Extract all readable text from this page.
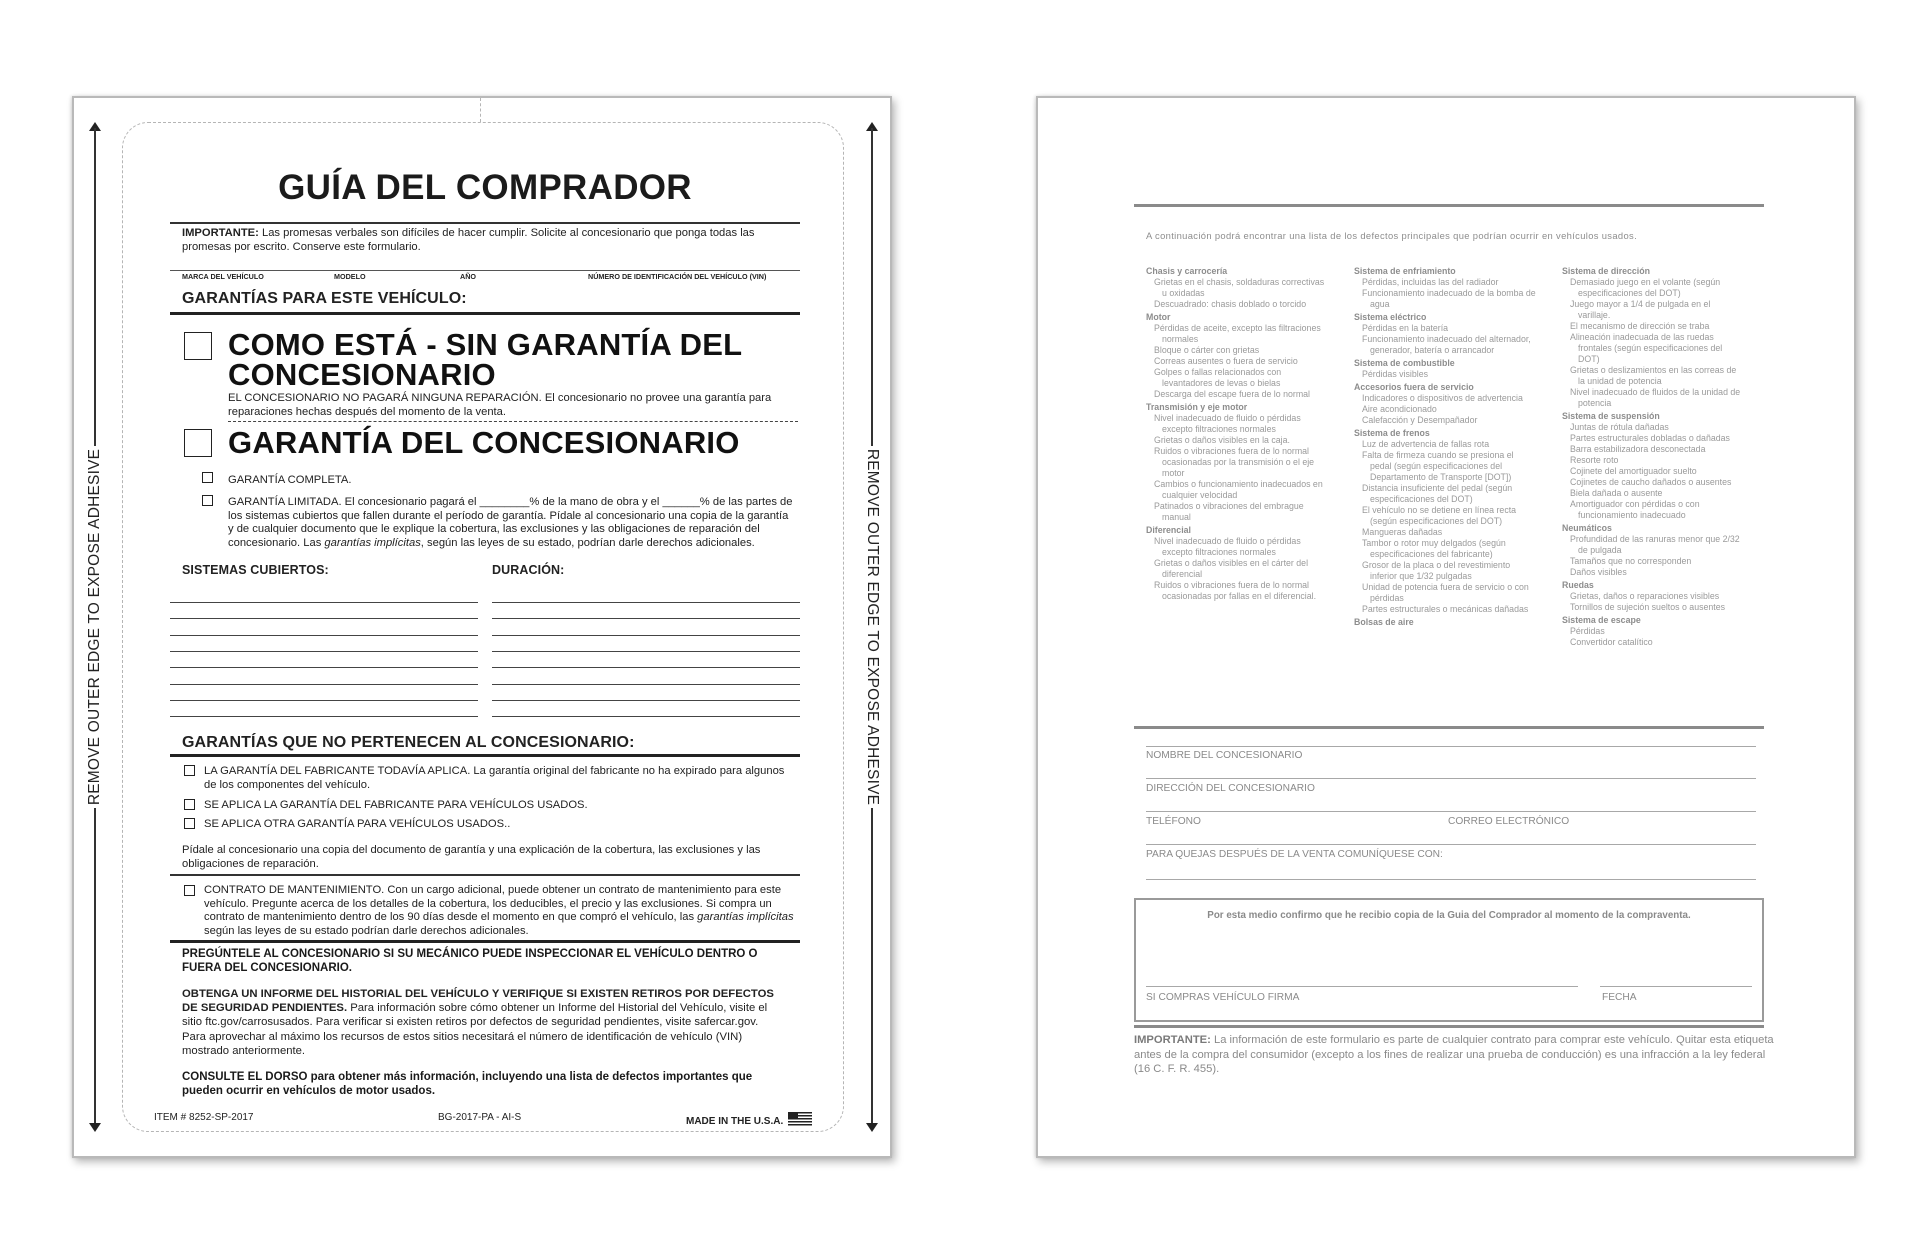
REMOVE OUTER EDGE TO EXPOSE ADHESIVE	REMOVE OUTER EDGE TO EXPOSE ADHESIVE
GUÍA DEL COMPRADOR
IMPORTANTE: Las promesas verbales son difíciles de hacer cumplir. Solicite al concesionario que ponga todas las promesas por escrito. Conserve este formulario.
MARCA DEL VEHÍCULO	MODELO	AÑO	NÚMERO DE IDENTIFICACIÓN DEL VEHÍCULO (VIN)
GARANTÍAS PARA ESTE VEHÍCULO:
COMO ESTÁ - SIN GARANTÍA DEL
CONCESIONARIO
EL CONCESIONARIO NO PAGARÁ NINGUNA REPARACIÓN. El concesionario no provee una garantía para reparaciones hechas después del momento de la venta.
GARANTÍA DEL CONCESIONARIO
GARANTÍA COMPLETA.
GARANTÍA LIMITADA. El concesionario pagará el ________% de la mano de obra y el ______% de las partes de los sistemas cubiertos que fallen durante el período de garantía. Pídale al concesionario una copia de la garantía y de cualquier documento que le explique la cobertura, las exclusiones y las obligaciones de reparación del concesionario. Las garantías implícitas, según las leyes de su estado, podrían darle derechos adicionales.
SISTEMAS CUBIERTOS:	DURACIÓN:
GARANTÍAS QUE NO PERTENECEN AL CONCESIONARIO:
LA GARANTÍA DEL FABRICANTE TODAVÍA APLICA. La garantía original del fabricante no ha expirado para algunos de los componentes del vehículo.
SE APLICA LA GARANTÍA DEL FABRICANTE PARA VEHÍCULOS USADOS.
SE APLICA OTRA GARANTÍA PARA VEHÍCULOS USADOS..
Pídale al concesionario una copia del documento de garantía y una explicación de la cobertura, las exclusiones y las obligaciones de reparación.
CONTRATO DE MANTENIMIENTO. Con un cargo adicional, puede obtener un contrato de mantenimiento para este vehículo. Pregunte acerca de los detalles de la cobertura, los deducibles, el precio y las exclusiones. Si compra un contrato de mantenimiento dentro de los 90 días desde el momento en que compró el vehículo, las garantías implícitas según las leyes de su estado podrían darle derechos adicionales.
PREGÚNTELE AL CONCESIONARIO SI SU MECÁNICO PUEDE INSPECCIONAR EL VEHÍCULO DENTRO O FUERA DEL CONCESIONARIO.
OBTENGA UN INFORME DEL HISTORIAL DEL VEHÍCULO Y VERIFIQUE SI EXISTEN RETIROS POR DEFECTOS DE SEGURIDAD PENDIENTES. Para información sobre cómo obtener un Informe del Historial del Vehículo, visite el sitio ftc.gov/carrosusados. Para verificar si existen retiros por defectos de seguridad pendientes, visite safercar.gov. Para aprovechar al máximo los recursos de estos sitios necesitará el número de identificación de vehículo (VIN) mostrado anteriormente.
CONSULTE EL DORSO para obtener más información, incluyendo una lista de defectos importantes que pueden ocurrir en vehículos de motor usados.
ITEM # 8252-SP-2017	BG-2017-PA - AI-S	MADE IN THE U.S.A.
A continuación podrá encontrar una lista de los defectos principales que podrían ocurrir en vehículos usados.
Chasis y carrocería
Grietas en el chasis, soldaduras correctivas
u oxidadas
Descuadrado: chasis doblado o torcido
Motor
Pérdidas de aceite, excepto las filtraciones
normales
Bloque o cárter con grietas
Correas ausentes o fuera de servicio
Golpes o fallas relacionados con
levantadores de levas o bielas
Descarga del escape fuera de lo normal
Transmisión y eje motor
Nivel inadecuado de fluido o pérdidas
excepto filtraciones normales
Grietas o daños visibles en la caja.
Ruidos o vibraciones fuera de lo normal
ocasionadas por la transmisión o el eje
motor
Cambios o funcionamiento inadecuados en
cualquier velocidad
Patinados o vibraciones del embrague
manual
Diferencial
Nivel inadecuado de fluido o pérdidas
excepto filtraciones normales
Grietas o daños visibles en el cárter del
diferencial
Ruidos o vibraciones fuera de lo normal
ocasionadas por fallas en el diferencial.
Sistema de enfriamiento
Pérdidas, incluidas las del radiador
Funcionamiento inadecuado de la bomba de
agua
Sistema eléctrico
Pérdidas en la batería
Funcionamiento inadecuado del alternador,
generador, batería o arrancador
Sistema de combustible
Pérdidas visibles
Accesorios fuera de servicio
Indicadores o dispositivos de advertencia
Aire acondicionado
Calefacción y Desempañador
Sistema de frenos
Luz de advertencia de fallas rota
Falta de firmeza cuando se presiona el
pedal (según especificaciones del
Departamento de Transporte [DOT])
Distancia insuficiente del pedal (según
especificaciones del DOT)
El vehículo no se detiene en línea recta
(según especificaciones del DOT)
Mangueras dañadas
Tambor o rotor muy delgados (según
especificaciones del fabricante)
Grosor de la placa o del revestimiento
inferior que 1/32 pulgadas
Unidad de potencia fuera de servicio o con
pérdidas
Partes estructurales o mecánicas dañadas
Bolsas de aire
Sistema de dirección
Demasiado juego en el volante (según
especificaciones del DOT)
Juego mayor a 1/4 de pulgada en el
varillaje.
El mecanismo de dirección se traba
Alineación inadecuada de las ruedas
frontales (según especificaciones del
DOT)
Grietas o deslizamientos en las correas de
la unidad de potencia
Nivel inadecuado de fluidos de la unidad de
potencia
Sistema de suspensión
Juntas de rótula dañadas
Partes estructurales dobladas o dañadas
Barra estabilizadora desconectada
Resorte roto
Cojinete del amortiguador suelto
Cojinetes de caucho dañados o ausentes
Biela dañada o ausente
Amortiguador con pérdidas o con
funcionamiento inadecuado
Neumáticos
Profundidad de las ranuras menor que 2/32
de pulgada
Tamaños que no corresponden
Daños visibles
Ruedas
Grietas, daños o reparaciones visibles
Tornillos de sujeción sueltos o ausentes
Sistema de escape
Pérdidas
Convertidor catalítico
NOMBRE DEL CONCESIONARIO
DIRECCIÓN DEL CONCESIONARIO
TELÉFONO	CORREO ELECTRÓNICO
PARA QUEJAS DESPUÉS DE LA VENTA COMUNÍQUESE CON:
Por esta medio confirmo que he recibio copia de la Guia del Comprador al momento de la compraventa.
SI COMPRAS VEHÍCULO FIRMA	FECHA
IMPORTANTE: La información de este formulario es parte de cualquier contrato para comprar este vehículo. Quitar esta etiqueta antes de la compra del consumidor (excepto a los fines de realizar una prueba de conducción) es una infracción a la ley federal (16 C. F. R. 455).
